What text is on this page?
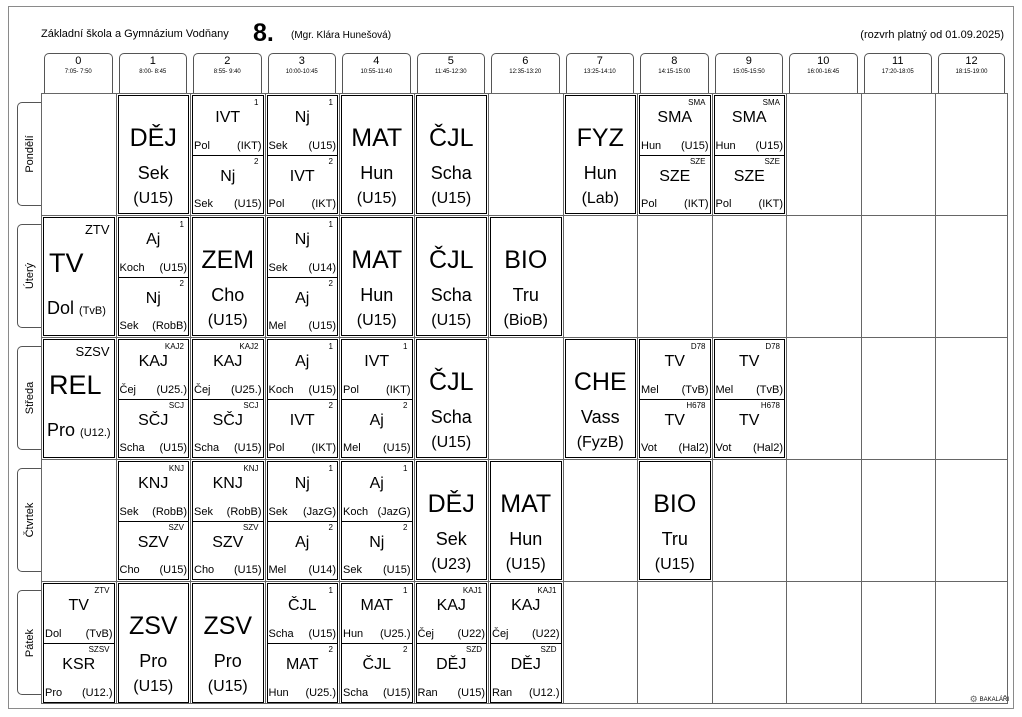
Základní škola a Gymnázium Vodňany 8. (Mgr. Klára Hunešová)	(rozvrh platný od 01.09.2025)
0
7:05- 7:50
1
8:00- 8:45
2
8:55- 9:40
3
10:00-10:45
4
10:55-11:40
5
11:45-12:30
6
12:35-13:20
7
13:25-14:10
8
14:15-15:00
9
15:05-15:50
10
16:00-16:45
11
17:20-18:05
12
18:15-19:00
Pondělí
Úterý
Středa
Čtvrtek
Pátek
DĚJ
Sek
(U15)
1
IVT
Pol (IKT)
2
Nj
Sek (U15)
1
Nj
Sek (U15)
2
IVT
Pol (IKT)
MAT
Hun
(U15)
ČJL
Scha
(U15)
FYZ
Hun
(Lab)
SMA
SMA
Hun (U15)
SZE
SZE
Pol (IKT)
SMA
SMA
Hun (U15)
SZE
SZE
Pol (IKT)
ZTV
TV
Dol (TvB)
1
Aj
Koch (U15)
2
Nj
Sek (RobB)
ZEM
Cho
(U15)
1
Nj
Sek (U14)
2
Aj
Mel (U15)
MAT
Hun
(U15)
ČJL
Scha
(U15)
BIO
Tru
(BioB)
SZSV
REL
Pro (U12.)
KAJ2
KAJ
Čej (U25.)
SCJ
SČJ
Scha (U15)
KAJ2
KAJ
Čej (U25.)
SCJ
SČJ
Scha (U15)
1
Aj
Koch (U15)
2
IVT
Pol (IKT)
1
IVT
Pol (IKT)
2
Aj
Mel (U15)
ČJL
Scha
(U15)
CHE
Vass
(FyzB)
D78
TV
Mel (TvB)
H678
TV
Vot (Hal2)
D78
TV
Mel (TvB)
H678
TV
Vot (Hal2)
KNJ
KNJ
Sek (RobB)
SZV
SZV
Cho (U15)
KNJ
KNJ
Sek (RobB)
SZV
SZV
Cho (U15)
1
Nj
Sek (JazG)
2
Aj
Mel (U14)
1
Aj
Koch (JazG)
2
Nj
Sek (U15)
DĚJ
Sek
(U23)
MAT
Hun
(U15)
BIO
Tru
(U15)
ZTV
TV
Dol (TvB)
SZSV
KSR
Pro (U12.)
ZSV
Pro
(U15)
ZSV
Pro
(U15)
1
ČJL
Scha (U15)
2
MAT
Hun (U25.)
1
MAT
Hun (U25.)
2
ČJL
Scha (U15)
KAJ1
KAJ
Čej (U22)
SZD
DĚJ
Ran (U15)
KAJ1
KAJ
Čej (U22)
SZD
DĚJ
Ran (U12.)	⚙ BAKALÁŘI
